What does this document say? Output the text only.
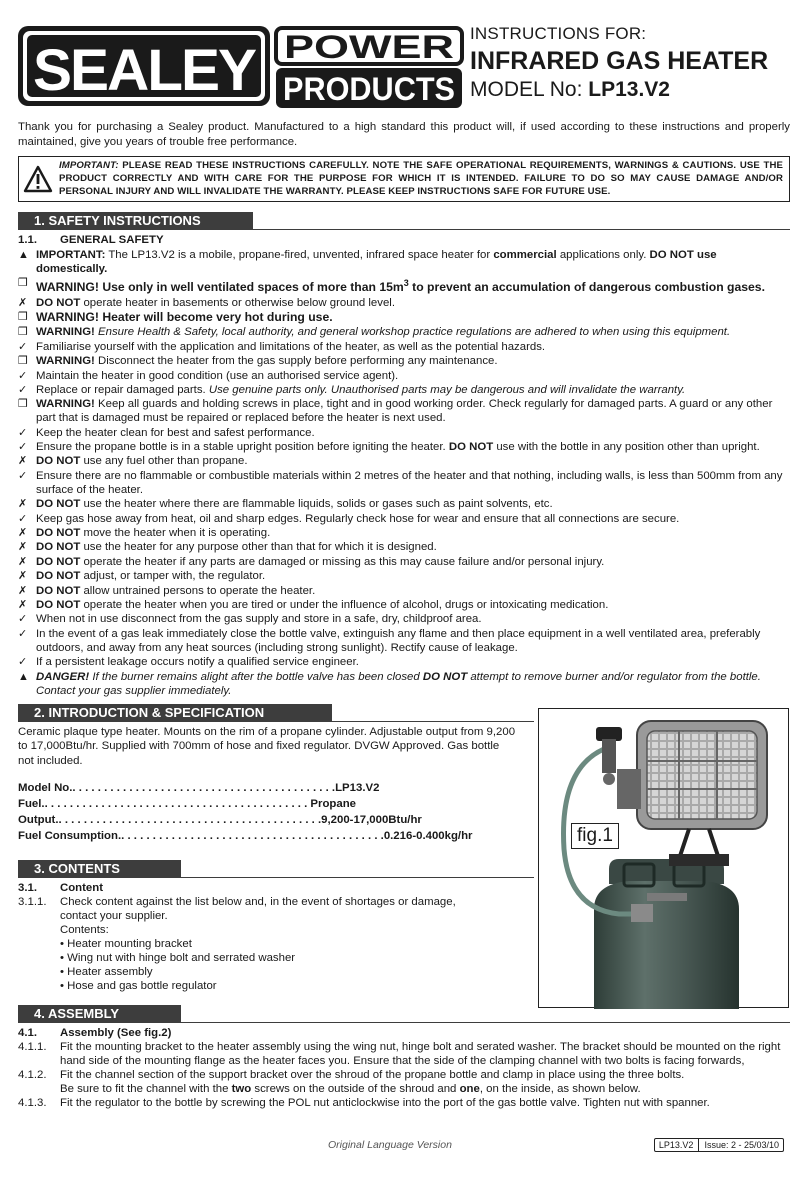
SEALEY POWER
PRODUCTS
INSTRUCTIONS FOR:
INFRARED GAS HEATER
MODEL No: LP13.V2

Thank you for purchasing a Sealey product. Manufactured to a high standard this product will, if used according to these instructions and properly maintained, give you years of trouble free performance.

IMPORTANT: PLEASE READ THESE INSTRUCTIONS CAREFULLY. NOTE THE SAFE OPERATIONAL REQUIREMENTS, WARNINGS & CAUTIONS. USE THE PRODUCT CORRECTLY AND WITH CARE FOR THE PURPOSE FOR WHICH IT IS INTENDED. FAILURE TO DO SO MAY CAUSE DAMAGE AND/OR PERSONAL INJURY AND WILL INVALIDATE THE WARRANTY. PLEASE KEEP INSTRUCTIONS SAFE FOR FUTURE USE.
1. SAFETY INSTRUCTIONS
1.1. GENERAL SAFETY
▲ IMPORTANT: The LP13.V2 is a mobile, propane-fired, unvented, infrared space heater for commercial applications only. DO NOT use domestically.
❒ WARNING! Use only in well ventilated spaces of more than $15m^3$ to prevent an accumulation of dangerous combustion gases.
✗ DO NOT operate heater in basements or otherwise below ground level.
❒ WARNING! Heater will become very hot during use.
❒ WARNING! Ensure Health & Safety, local authority, and general workshop practice regulations are adhered to when using this equipment.
✓ Familiarise yourself with the application and limitations of the heater, as well as the potential hazards.
❒ WARNING! Disconnect the heater from the gas supply before performing any maintenance.
✓ Maintain the heater in good condition (use an authorised service agent).
✓ Replace or repair damaged parts. Use genuine parts only. Unauthorised parts may be dangerous and will invalidate the warranty.
❒ WARNING! Keep all guards and holding screws in place, tight and in good working order. Check regularly for damaged parts. A guard or any other part that is damaged must be repaired or replaced before the heater is next used.
✓ Keep the heater clean for best and safest performance.
✓ Ensure the propane bottle is in a stable upright position before igniting the heater. DO NOT use with the bottle in any position other than upright.
✗ DO NOT use any fuel other than propane.
✓ Ensure there are no flammable or combustible materials within 2 metres of the heater and that nothing, including walls, is less than 500mm from any surface of the heater.
✗ DO NOT use the heater where there are flammable liquids, solids or gases such as paint solvents, etc.
✓ Keep gas hose away from heat, oil and sharp edges. Regularly check hose for wear and ensure that all connections are secure.
✗ DO NOT move the heater when it is operating.
✗ DO NOT use the heater for any purpose other than that for which it is designed.
✗ DO NOT operate the heater if any parts are damaged or missing as this may cause failure and/or personal injury.
✗ DO NOT adjust, or tamper with, the regulator.
✗ DO NOT allow untrained persons to operate the heater.
✗ DO NOT operate the heater when you are tired or under the influence of alcohol, drugs or intoxicating medication.
✓ When not in use disconnect from the gas supply and store in a safe, dry, childproof area.
✓ In the event of a gas leak immediately close the bottle valve, extinguish any flame and then place equipment in a well ventilated area, preferably outdoors, and away from any heat sources (including strong sunlight). Rectify cause of leakage.
✓ If a persistent leakage occurs notify a qualified service engineer.
▲ DANGER! If the burner remains alight after the bottle valve has been closed DO NOT attempt to remove burner and/or regulator from the bottle. Contact your gas supplier immediately.
2. INTRODUCTION & SPECIFICATION

Ceramic plaque type heater. Mounts on the rim of a propane cylinder. Adjustable output from 9,200 to 17,000Btu/hr. Supplied with 700mm of hose and fixed regulator. DVGW Approved. Gas bottle not included.

Model No. . . . . . . . . . . . . . . . . . . . . . . . . . . . . . . . . . . . . . . . . . . LP13.V2
Fuel. . . . . . . . . . . . . . . . . . . . . . . . . . . . . . . . . . . . . . . . . . . Propane
Output. . . . . . . . . . . . . . . . . . . . . . . . . . . . . . . . . . . . . . . . . . . 9,200-17,000Btu/hr
Fuel Consumption. . . . . . . . . . . . . . . . . . . . . . . . . . . . . . . . . . . . . . . . . . . 0.216-0.400kg/hr
3. CONTENTS
3.1.	Content
3.1.1.	Check content against the list below and, in the event of shortages or damage, contact your supplier.
Contents:
• Heater mounting bracket
• Wing nut with hinge bolt and serrated washer
• Heater assembly
• Hose and gas bottle regulator
fig.1
4. ASSEMBLY
4.1. Assembly (See fig.2)
4.1.1.	Fit the mounting bracket to the heater assembly using the wing nut, hinge bolt and serated washer. The bracket should be mounted on the right hand side of the mounting flange as the heater faces you. Ensure that the side of the clamping channel with two bolts is facing forwards,
4.1.2.	Fit the channel section of the support bracket over the shroud of the propane bottle and clamp in place using the three bolts.
Be sure to fit the channel with the two screws on the outside of the shroud and one, on the inside, as shown below.
4.1.3.	Fit the regulator to the bottle by screwing the POL nut anticlockwise into the port of the gas bottle valve. Tighten nut with spanner.
Original Language Version	LP13.V2	Issue: 2 - 25/03/10
